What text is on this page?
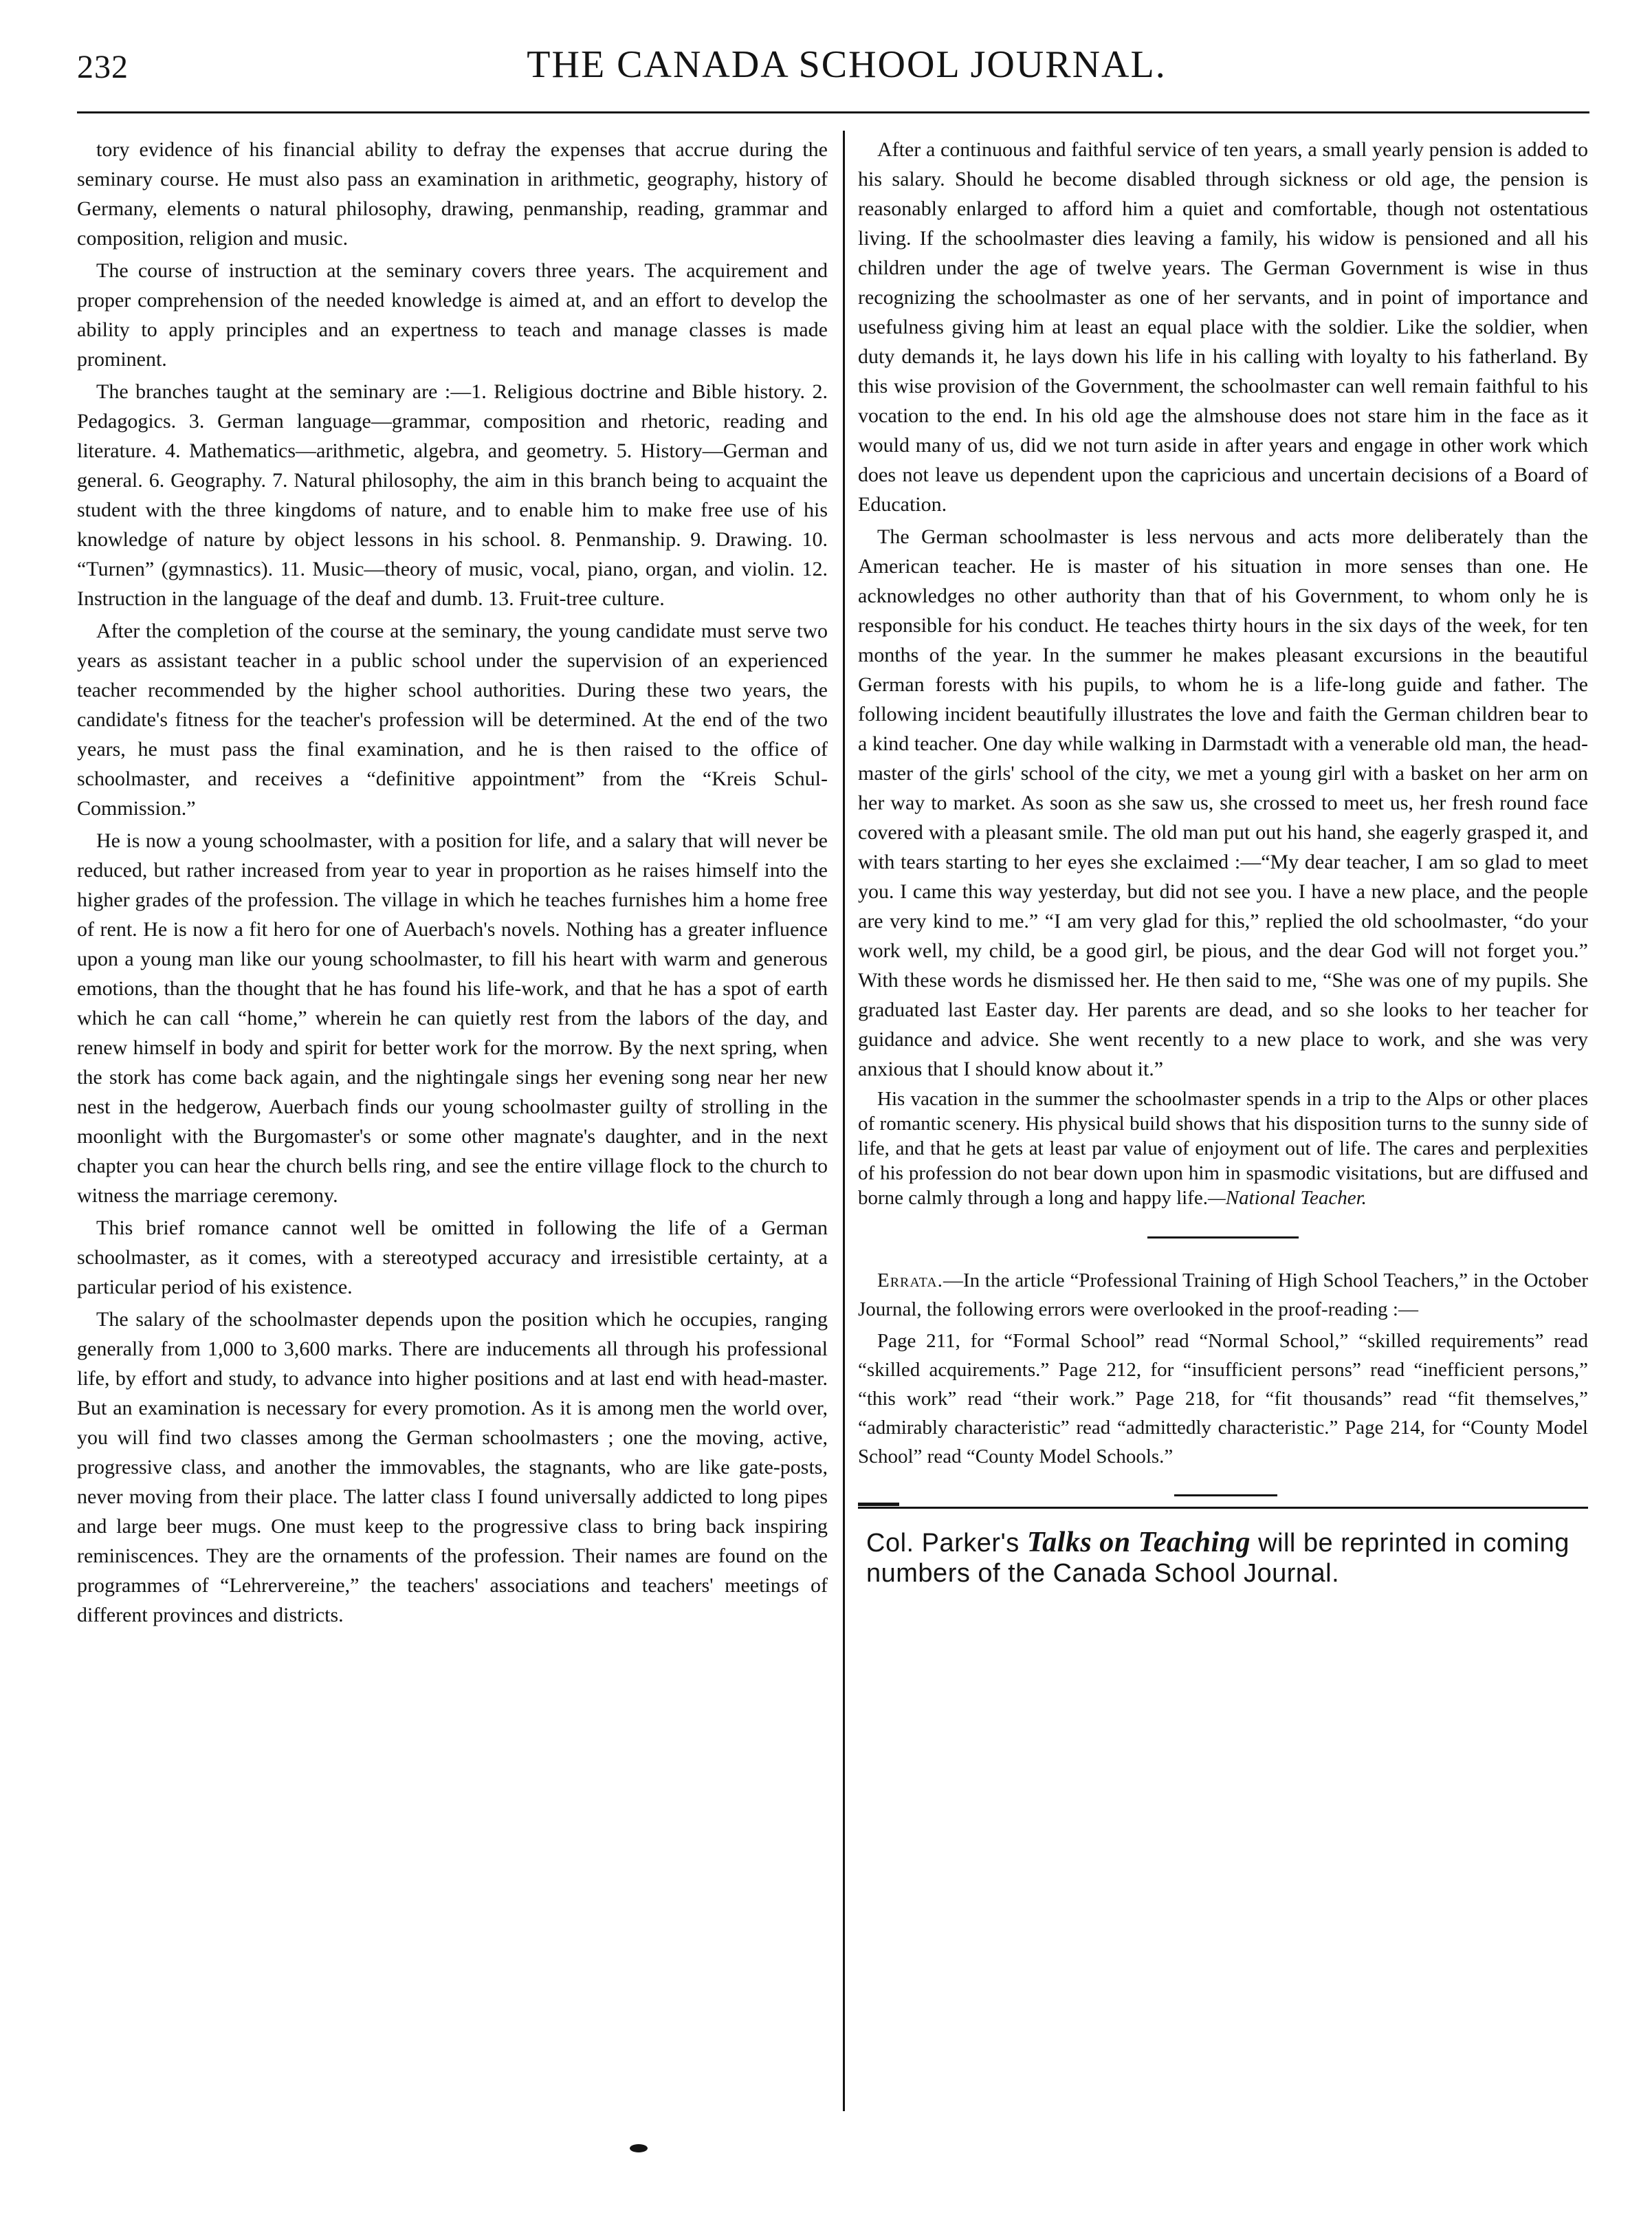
232	THE CANADA SCHOOL JOURNAL.

tory evidence of his financial ability to defray the expenses that accrue during the seminary course. He must also pass an examination in arithmetic, geography, history of Germany, elements o natural philosophy, drawing, penmanship, reading, grammar and composition, religion and music.

The course of instruction at the seminary covers three years. The acquirement and proper comprehension of the needed knowledge is aimed at, and an effort to develop the ability to apply principles and an expertness to teach and manage classes is made prominent.

The branches taught at the seminary are :—1. Religious doctrine and Bible history. 2. Pedagogics. 3. German language—grammar, composition and rhetoric, reading and literature. 4. Mathematics—arithmetic, algebra, and geometry. 5. History—German and general. 6. Geography. 7. Natural philosophy, the aim in this branch being to acquaint the student with the three kingdoms of nature, and to enable him to make free use of his knowledge of nature by object lessons in his school. 8. Penmanship. 9. Drawing. 10. “Turnen” (gymnastics). 11. Music—theory of music, vocal, piano, organ, and violin. 12. Instruction in the language of the deaf and dumb. 13. Fruit-tree culture.

After the completion of the course at the seminary, the young candidate must serve two years as assistant teacher in a public school under the supervision of an experienced teacher recommended by the higher school authorities. During these two years, the candidate's fitness for the teacher's profession will be determined. At the end of the two years, he must pass the final examination, and he is then raised to the office of schoolmaster, and receives a “definitive appointment” from the “Kreis Schul-Commission.”

He is now a young schoolmaster, with a position for life, and a salary that will never be reduced, but rather increased from year to year in proportion as he raises himself into the higher grades of the profession. The village in which he teaches furnishes him a home free of rent. He is now a fit hero for one of Auerbach's novels. Nothing has a greater influence upon a young man like our young schoolmaster, to fill his heart with warm and generous emotions, than the thought that he has found his life-work, and that he has a spot of earth which he can call “home,” wherein he can quietly rest from the labors of the day, and renew himself in body and spirit for better work for the morrow. By the next spring, when the stork has come back again, and the nightingale sings her evening song near her new nest in the hedgerow, Auerbach finds our young schoolmaster guilty of strolling in the moonlight with the Burgomaster's or some other magnate's daughter, and in the next chapter you can hear the church bells ring, and see the entire village flock to the church to witness the marriage ceremony.

This brief romance cannot well be omitted in following the life of a German schoolmaster, as it comes, with a stereotyped accuracy and irresistible certainty, at a particular period of his existence.

The salary of the schoolmaster depends upon the position which he occupies, ranging generally from 1,000 to 3,600 marks. There are inducements all through his professional life, by effort and study, to advance into higher positions and at last end with head-master. But an examination is necessary for every promotion. As it is among men the world over, you will find two classes among the German schoolmasters ; one the moving, active, progressive class, and another the immovables, the stagnants, who are like gate-posts, never moving from their place. The latter class I found universally addicted to long pipes and large beer mugs. One must keep to the progressive class to bring back inspiring reminiscences. They are the ornaments of the profession. Their names are found on the programmes of “Lehrervereine,” the teachers' associations and teachers' meetings of different provinces and districts.

After a continuous and faithful service of ten years, a small yearly pension is added to his salary. Should he become disabled through sickness or old age, the pension is reasonably enlarged to afford him a quiet and comfortable, though not ostentatious living. If the schoolmaster dies leaving a family, his widow is pensioned and all his children under the age of twelve years. The German Government is wise in thus recognizing the schoolmaster as one of her servants, and in point of importance and usefulness giving him at least an equal place with the soldier. Like the soldier, when duty demands it, he lays down his life in his calling with loyalty to his fatherland. By this wise provision of the Government, the schoolmaster can well remain faithful to his vocation to the end. In his old age the almshouse does not stare him in the face as it would many of us, did we not turn aside in after years and engage in other work which does not leave us dependent upon the capricious and uncertain decisions of a Board of Education.

The German schoolmaster is less nervous and acts more deliberately than the American teacher. He is master of his situation in more senses than one. He acknowledges no other authority than that of his Government, to whom only he is responsible for his conduct. He teaches thirty hours in the six days of the week, for ten months of the year. In the summer he makes pleasant excursions in the beautiful German forests with his pupils, to whom he is a life-long guide and father. The following incident beautifully illustrates the love and faith the German children bear to a kind teacher. One day while walking in Darmstadt with a venerable old man, the head-master of the girls' school of the city, we met a young girl with a basket on her arm on her way to market. As soon as she saw us, she crossed to meet us, her fresh round face covered with a pleasant smile. The old man put out his hand, she eagerly grasped it, and with tears starting to her eyes she exclaimed :—“My dear teacher, I am so glad to meet you. I came this way yesterday, but did not see you. I have a new place, and the people are very kind to me.” “I am very glad for this,” replied the old schoolmaster, “do your work well, my child, be a good girl, be pious, and the dear God will not forget you.” With these words he dismissed her. He then said to me, “She was one of my pupils. She graduated last Easter day. Her parents are dead, and so she looks to her teacher for guidance and advice. She went recently to a new place to work, and she was very anxious that I should know about it.”

His vacation in the summer the schoolmaster spends in a trip to the Alps or other places of romantic scenery. His physical build shows that his disposition turns to the sunny side of life, and that he gets at least par value of enjoyment out of life. The cares and perplexities of his profession do not bear down upon him in spasmodic visitations, but are diffused and borne calmly through a long and happy life.—National Teacher.

Errata.—In the article “Professional Training of High School Teachers,” in the October Journal, the following errors were overlooked in the proof-reading :—

Page 211, for “Formal School” read “Normal School,” “skilled requirements” read “skilled acquirements.” Page 212, for “insufficient persons” read “inefficient persons,” “this work” read “their work.” Page 218, for “fit thousands” read “fit themselves,” “admirably characteristic” read “admittedly characteristic.” Page 214, for “County Model School” read “County Model Schools.”

Col. Parker's Talks on Teaching will be reprinted in coming numbers of the Canada School Journal.
